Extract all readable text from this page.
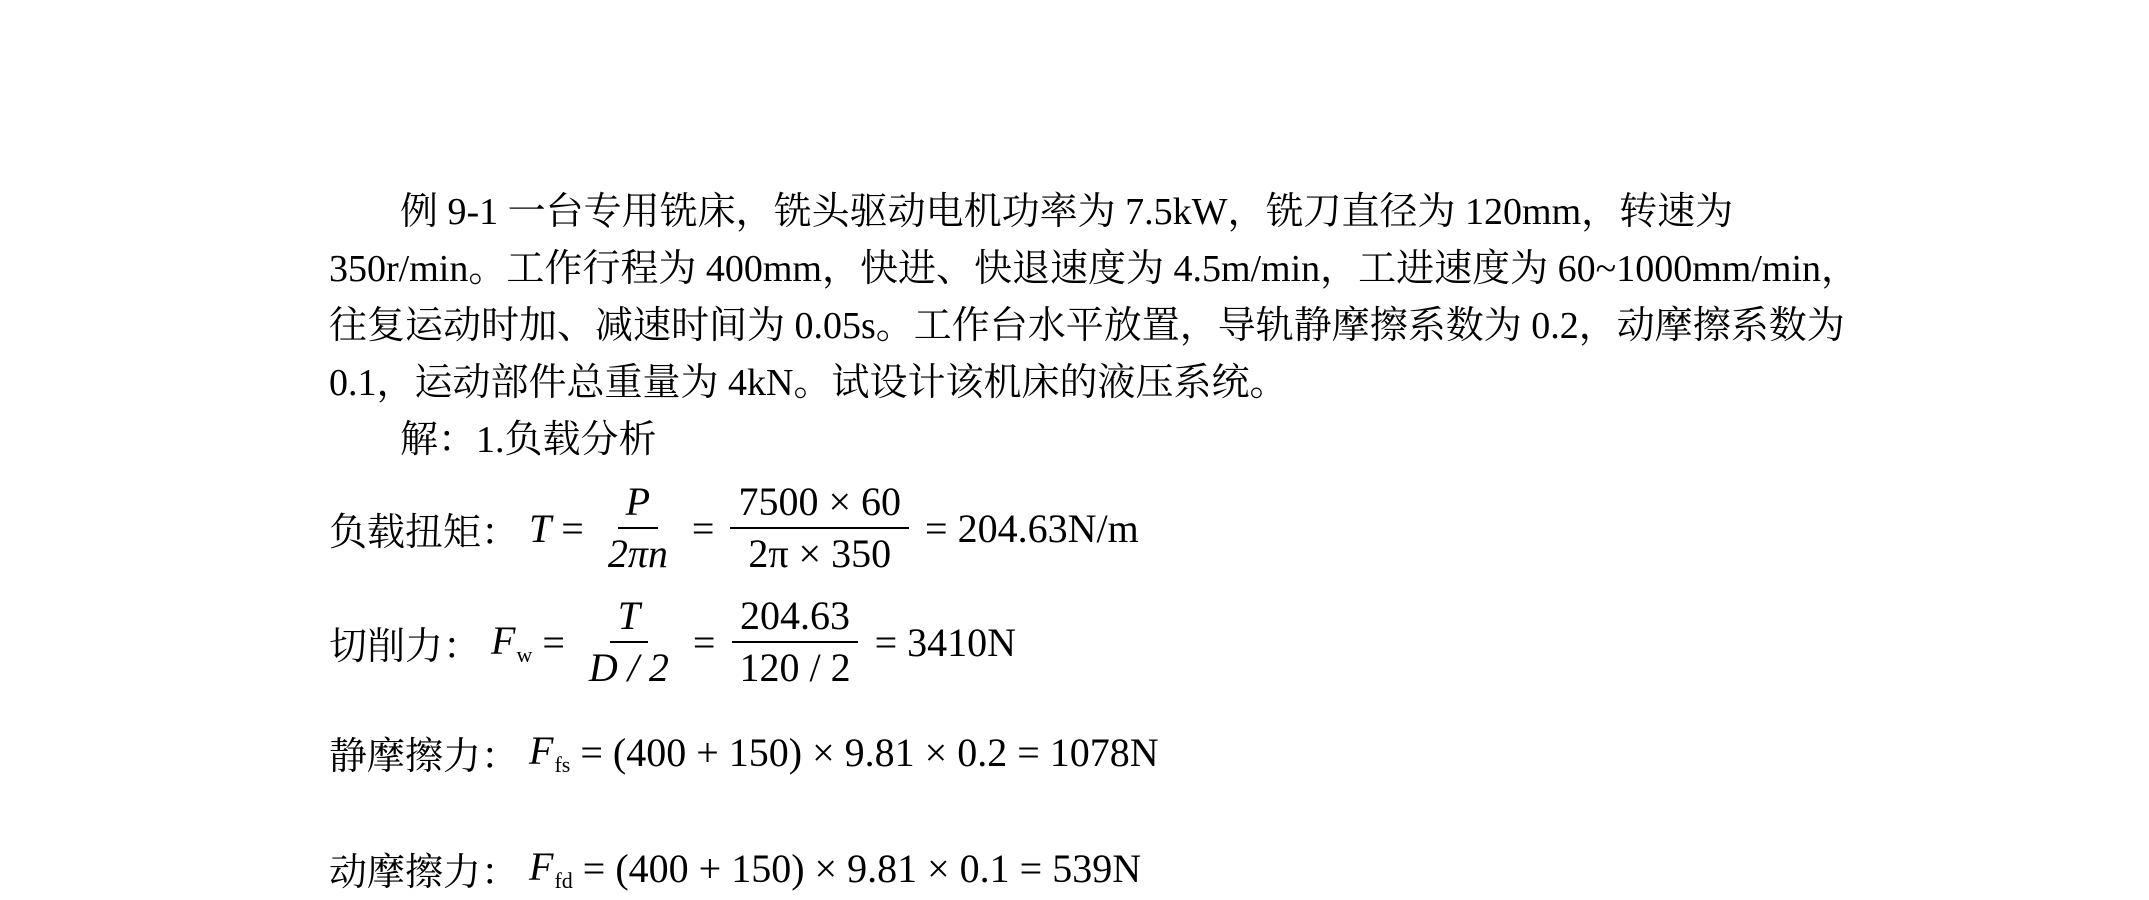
例 9-1 一台专用铣床，铣头驱动电机功率为 7.5kW，铣刀直径为 120mm，转速为
350r/min。工作行程为 400mm，快进、快退速度为 4.5m/min，工进速度为 60~1000mm/min，
往复运动时加、减速时间为 0.05s。工作台水平放置，导轨静摩擦系数为 0.2，动摩擦系数为
0.1，运动部件总重量为 4kN。试设计该机床的液压系统。
解：1.负载分析
负载扭矩： $T = \frac{P}{2\pi n} = \frac{7500 \times 60}{2\pi \times 350} = 204.63N/m$
切削力： $F_w = \frac{T}{D / 2} = \frac{204.63}{120 / 2} = 3410N$
静摩擦力： $F_{fs} = (400 + 150) \times 9.81 \times 0.2 = 1078N$
动摩擦力： $F_{fd} = (400 + 150) \times 9.81 \times 0.1 = 539N$
